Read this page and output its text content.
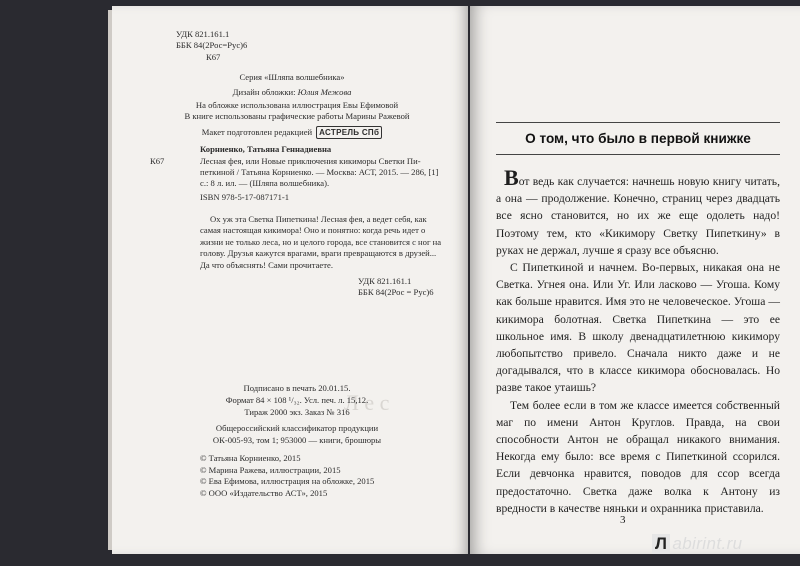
Л е с
УДК 821.161.1
ББК 84(2Рос=Рус)6
К67
Серия «Шляпа волшебника»
Дизайн обложки: Юлия Межова
На обложке использована иллюстрация Евы Ефимовой
В книге использованы графические работы Марины Ражевой
Макет подготовлен редакцией АСТРЕЛЬ СПб
Корниенко, Татьяна Геннадиевна
К67	Лесная фея, или Новые приключения кикиморы Светки Пи-
петкиной / Татьяна Корниенко. — Москва: АСТ, 2015. — 286, [1]
с.: 8 л. ил. — (Шляпа волшебника).
ISBN 978-5-17-087171-1
Ох уж эта Светка Пипеткина! Лесная фея, а ведет себя, как
самая настоящая кикимора! Оно и понятно: когда речь идет о
жизни не только леса, но и целого города, все становится с ног на
голову. Друзья кажутся врагами, враги превращаются в друзей...
Да что объяснять! Сами прочитаете.
УДК 821.161.1
ББК 84(2Рос = Рус)6
Подписано в печать 20.01.15.
Формат 84 × 108 ¹/₃₂. Усл. печ. л. 15,12.
Тираж 2000 экз. Заказ № 316
Общероссийский классификатор продукции
ОК-005-93, том 1; 953000 — книги, брошюры
© Татьяна Корниенко, 2015
© Марина Ражева, иллюстрации, 2015
© Ева Ефимова, иллюстрация на обложке, 2015
© ООО «Издательство АСТ», 2015
О том, что было в первой книжке

Вот ведь как случается: начнешь новую книгу читать, а она — продолжение. Конечно, страниц через двадцать все ясно становится, но их же еще одолеть надо! Поэтому тем, кто «Кикимору Светку Пипеткину» в руках не держал, лучше я сразу все объясню.

С Пипеткиной и начнем. Во-первых, никакая она не Светка. Угнея она. Или Уг. Или ласково — Угоша. Кому как больше нравится. Имя это не человеческое. Угоша — кикимора болотная. Светка Пипеткина — это ее школьное имя. В школу двенадцатилетнюю кикимору любопытство привело. Сначала никто даже и не догадывался, что в классе кикимора обосновалась. Но разве такое утаишь?

Тем более если в том же классе имеется собственный маг по имени Антон Круглов. Правда, на свои способности Антон не обращал никакого внимания. Некогда ему было: все время с Пипеткиной ссорился. Если девчонка нравится, поводов для ссор всегда предостаточно. Светка даже волка к Антону из вредности в качестве няньки и охранника приставила.

3
Л abirint.ru
